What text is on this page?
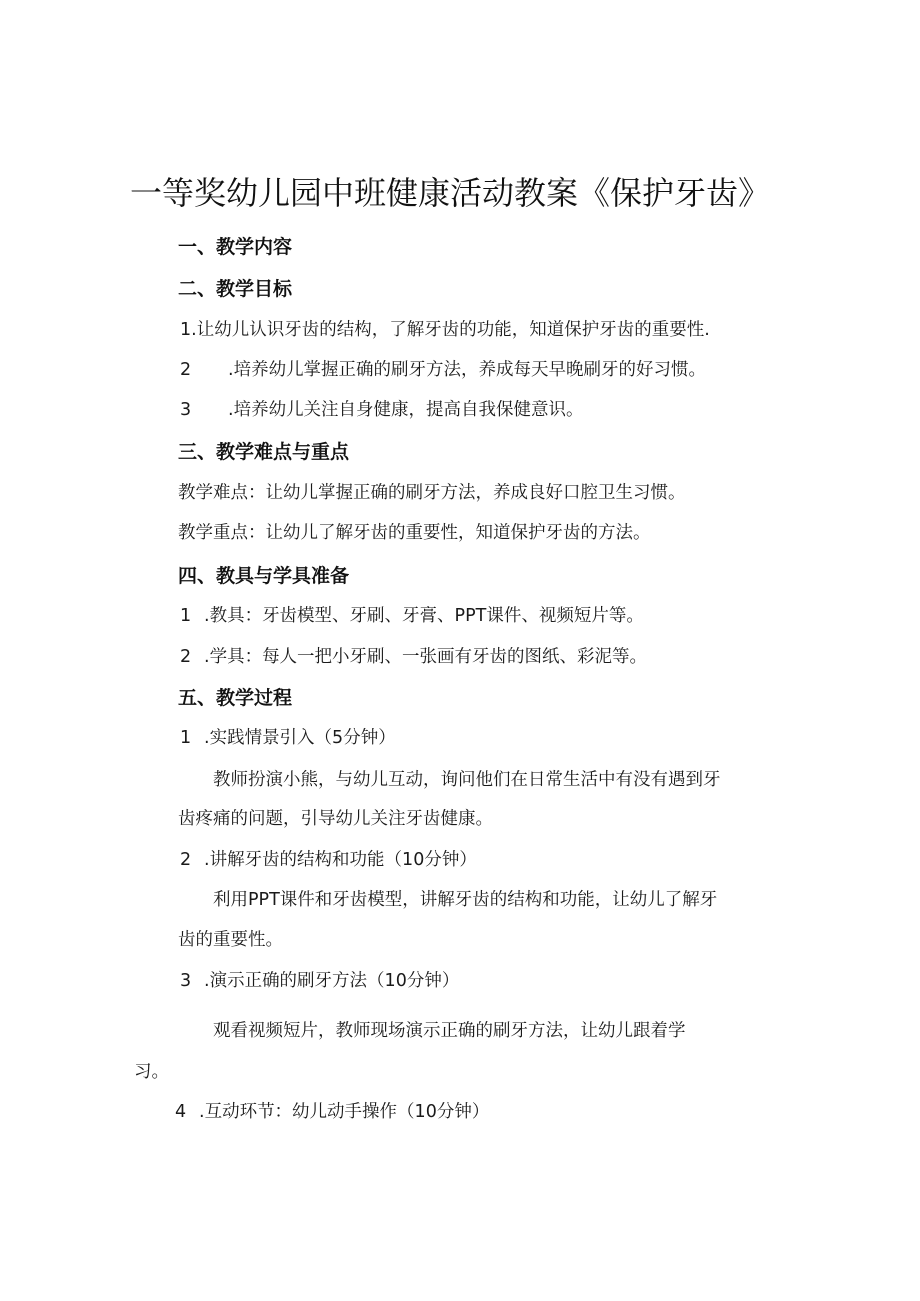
一等奖幼儿园中班健康活动教案《保护牙齿》
一、教学内容
二、教学目标
1.让幼儿认识牙齿的结构，了解牙齿的功能，知道保护牙齿的重要性.
2 .培养幼儿掌握正确的刷牙方法，养成每天早晚刷牙的好习惯。
3 .培养幼儿关注自身健康，提高自我保健意识。
三、教学难点与重点
教学难点：让幼儿掌握正确的刷牙方法，养成良好口腔卫生习惯。
教学重点：让幼儿了解牙齿的重要性，知道保护牙齿的方法。
四、教具与学具准备
1 .教具：牙齿模型、牙刷、牙膏、PPT课件、视频短片等。
2 .学具：每人一把小牙刷、一张画有牙齿的图纸、彩泥等。
五、教学过程
1 .实践情景引入（5分钟）
教师扮演小熊，与幼儿互动，询问他们在日常生活中有没有遇到牙
齿疼痛的问题，引导幼儿关注牙齿健康。
2 .讲解牙齿的结构和功能（10分钟）
利用PPT课件和牙齿模型，讲解牙齿的结构和功能，让幼儿了解牙
齿的重要性。
3 .演示正确的刷牙方法（10分钟）
观看视频短片，教师现场演示正确的刷牙方法，让幼儿跟着学
习。
4 .互动环节：幼儿动手操作（10分钟）
